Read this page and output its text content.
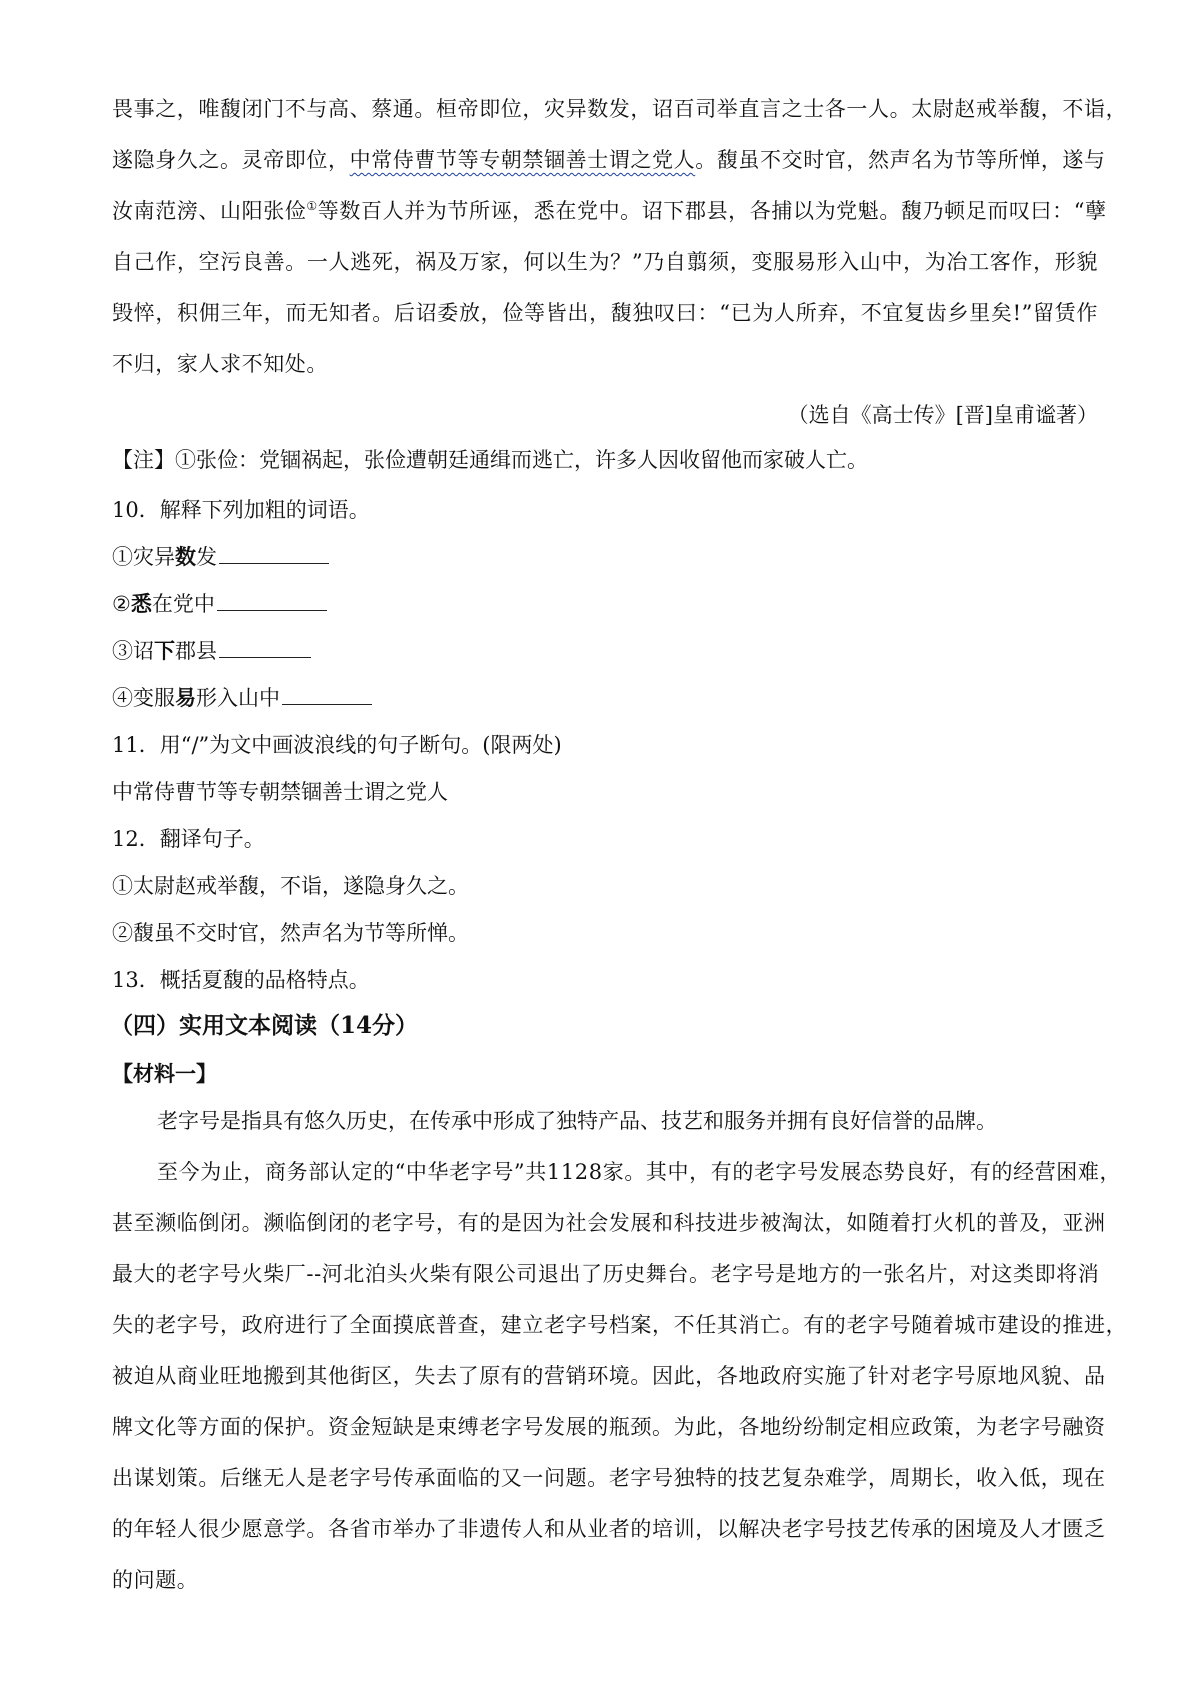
畏事之，唯馥闭门不与高、蔡通。桓帝即位，灾异数发，诏百司举直言之士各一人。太尉赵戒举馥，不诣，
遂隐身久之。灵帝即位，中常侍曹节等专朝禁锢善士谓之党人。馥虽不交时官，然声名为节等所惮，遂与
汝南范滂、山阳张俭①等数百人并为节所诬，悉在党中。诏下郡县，各捕以为党魁。馥乃顿足而叹曰：“孽
自己作，空污良善。一人逃死，祸及万家，何以生为？”乃自翦须，变服易形入山中，为冶工客作，形貌
毁悴，积佣三年，而无知者。后诏委放，俭等皆出，馥独叹曰：“已为人所弃，不宜复齿乡里矣!”留赁作
不归，家人求不知处。
（选自《高士传》[晋]皇甫谧著）
【注】①张俭：党锢祸起，张俭遭朝廷通缉而逃亡，许多人因收留他而家破人亡。
10．解释下列加粗的词语。
①灾异数发
②悉在党中
③诏下郡县
④变服易形入山中
11．用“/”为文中画波浪线的句子断句。(限两处)
中常侍曹节等专朝禁锢善士谓之党人
12．翻译句子。
①太尉赵戒举馥，不诣，遂隐身久之。
②馥虽不交时官，然声名为节等所惮。
13．概括夏馥的品格特点。
（四）实用文本阅读（14分）
【材料一】
老字号是指具有悠久历史，在传承中形成了独特产品、技艺和服务并拥有良好信誉的品牌。
至今为止，商务部认定的“中华老字号”共1128家。其中，有的老字号发展态势良好，有的经营困难，
甚至濒临倒闭。濒临倒闭的老字号，有的是因为社会发展和科技进步被淘汰，如随着打火机的普及，亚洲
最大的老字号火柴厂--河北泊头火柴有限公司退出了历史舞台。老字号是地方的一张名片，对这类即将消
失的老字号，政府进行了全面摸底普查，建立老字号档案，不任其消亡。有的老字号随着城市建设的推进，
被迫从商业旺地搬到其他街区，失去了原有的营销环境。因此，各地政府实施了针对老字号原地风貌、品
牌文化等方面的保护。资金短缺是束缚老字号发展的瓶颈。为此，各地纷纷制定相应政策，为老字号融资
出谋划策。后继无人是老字号传承面临的又一问题。老字号独特的技艺复杂难学，周期长，收入低，现在
的年轻人很少愿意学。各省市举办了非遗传人和从业者的培训，以解决老字号技艺传承的困境及人才匮乏
的问题。
